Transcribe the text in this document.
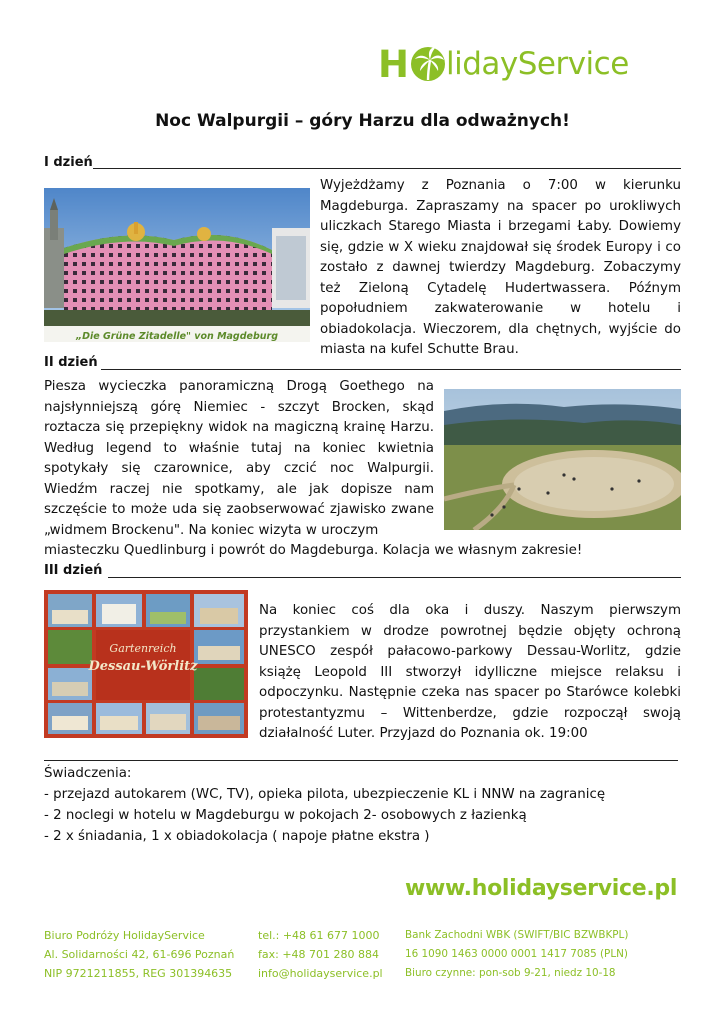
H lidayService
Noc Walpurgii – góry Harzu dla odważnych!
I dzień
„Die Grüne Zitadelle" von Magdeburg
Wyjeżdżamy z Poznania o 7:00 w kierunku Magdeburga. Zapraszamy na spacer po urokliwych uliczkach Starego Miasta i brzegami Łaby. Dowiemy się, gdzie w X wieku znajdował się środek Europy i co zostało z dawnej twierdzy Magdeburg. Zobaczymy też Zieloną Cytadelę Hudertwassera. Późnym popołudniem zakwaterowanie w hotelu i obiadokolacja. Wieczorem, dla chętnych, wyjście do miasta na kufel Schutte Brau.
II dzień
Piesza wycieczka panoramiczną Drogą Goethego na najsłynniejszą górę Niemiec - szczyt Brocken, skąd roztacza się przepiękny widok na magiczną krainę Harzu. Według legend to właśnie tutaj na koniec kwietnia spotykały się czarownice, aby czcić noc Walpurgii. Wiedźm raczej nie spotkamy, ale jak dopisze nam szczęście to może uda się zaobserwować zjawisko zwane „widmem Brockenu". Na koniec wizyta w uroczym
miasteczku Quedlinburg i powrót do Magdeburga. Kolacja we własnym zakresie!
III dzień
Gartenreich
Dessau-Wörlitz
Na koniec coś dla oka i duszy. Naszym pierwszym przystankiem w drodze powrotnej będzie objęty ochroną UNESCO zespół pałacowo-parkowy Dessau-Worlitz, gdzie książę Leopold III stworzył idylliczne miejsce relaksu i odpoczynku. Następnie czeka nas spacer po Starówce kolebki protestantyzmu – Wittenberdze, gdzie rozpoczął swoją działalność Luter. Przyjazd do Poznania ok. 19:00
Świadczenia:
- przejazd autokarem (WC, TV), opieka pilota, ubezpieczenie KL i NNW na zagranicę
- 2 noclegi w hotelu w Magdeburgu w pokojach 2- osobowych z łazienką
- 2 x śniadania, 1 x obiadokolacja ( napoje płatne ekstra )
www.holidayservice.pl
Biuro Podróży HolidayService
Al. Solidarności 42, 61-696 Poznań
NIP 9721211855, REG 301394635
tel.: +48 61 677 1000
fax: +48 701 280 884
info@holidayservice.pl
Bank Zachodni WBK (SWIFT/BIC BZWBKPL)
16 1090 1463 0000 0001 1417 7085 (PLN)
Biuro czynne: pon-sob 9-21, niedz 10-18
